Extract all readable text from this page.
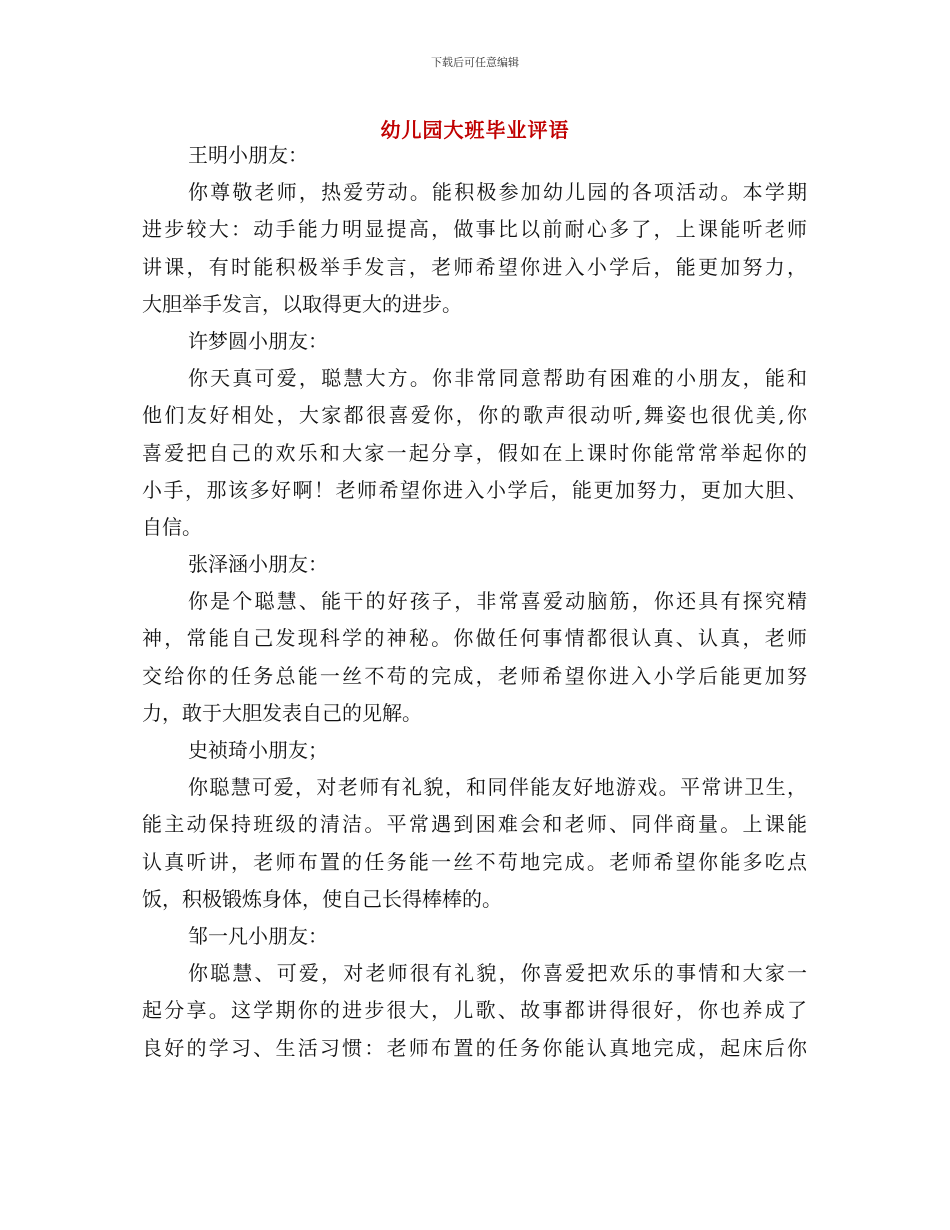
下载后可任意编辑
幼儿园大班毕业评语
王明小朋友：
你尊敬老师，热爱劳动。能积极参加幼儿园的各项活动。本学期
进步较大：动手能力明显提高，做事比以前耐心多了，上课能听老师
讲课，有时能积极举手发言，老师希望你进入小学后，能更加努力，
大胆举手发言，以取得更大的进步。
许梦圆小朋友：
你天真可爱，聪慧大方。你非常同意帮助有困难的小朋友，能和
他们友好相处，大家都很喜爱你，你的歌声很动听,舞姿也很优美,你
喜爱把自己的欢乐和大家一起分享，假如在上课时你能常常举起你的
小手，那该多好啊！老师希望你进入小学后，能更加努力，更加大胆、
自信。
张泽涵小朋友：
你是个聪慧、能干的好孩子，非常喜爱动脑筋，你还具有探究精
神，常能自己发现科学的神秘。你做任何事情都很认真、认真，老师
交给你的任务总能一丝不苟的完成，老师希望你进入小学后能更加努
力，敢于大胆发表自己的见解。
史祯琦小朋友；
你聪慧可爱，对老师有礼貌，和同伴能友好地游戏。平常讲卫生，
能主动保持班级的清洁。平常遇到困难会和老师、同伴商量。上课能
认真听讲，老师布置的任务能一丝不苟地完成。老师希望你能多吃点
饭，积极锻炼身体，使自己长得棒棒的。
邹一凡小朋友：
你聪慧、可爱，对老师很有礼貌，你喜爱把欢乐的事情和大家一
起分享。这学期你的进步很大，儿歌、故事都讲得很好，你也养成了
良好的学习、生活习惯：老师布置的任务你能认真地完成，起床后你
